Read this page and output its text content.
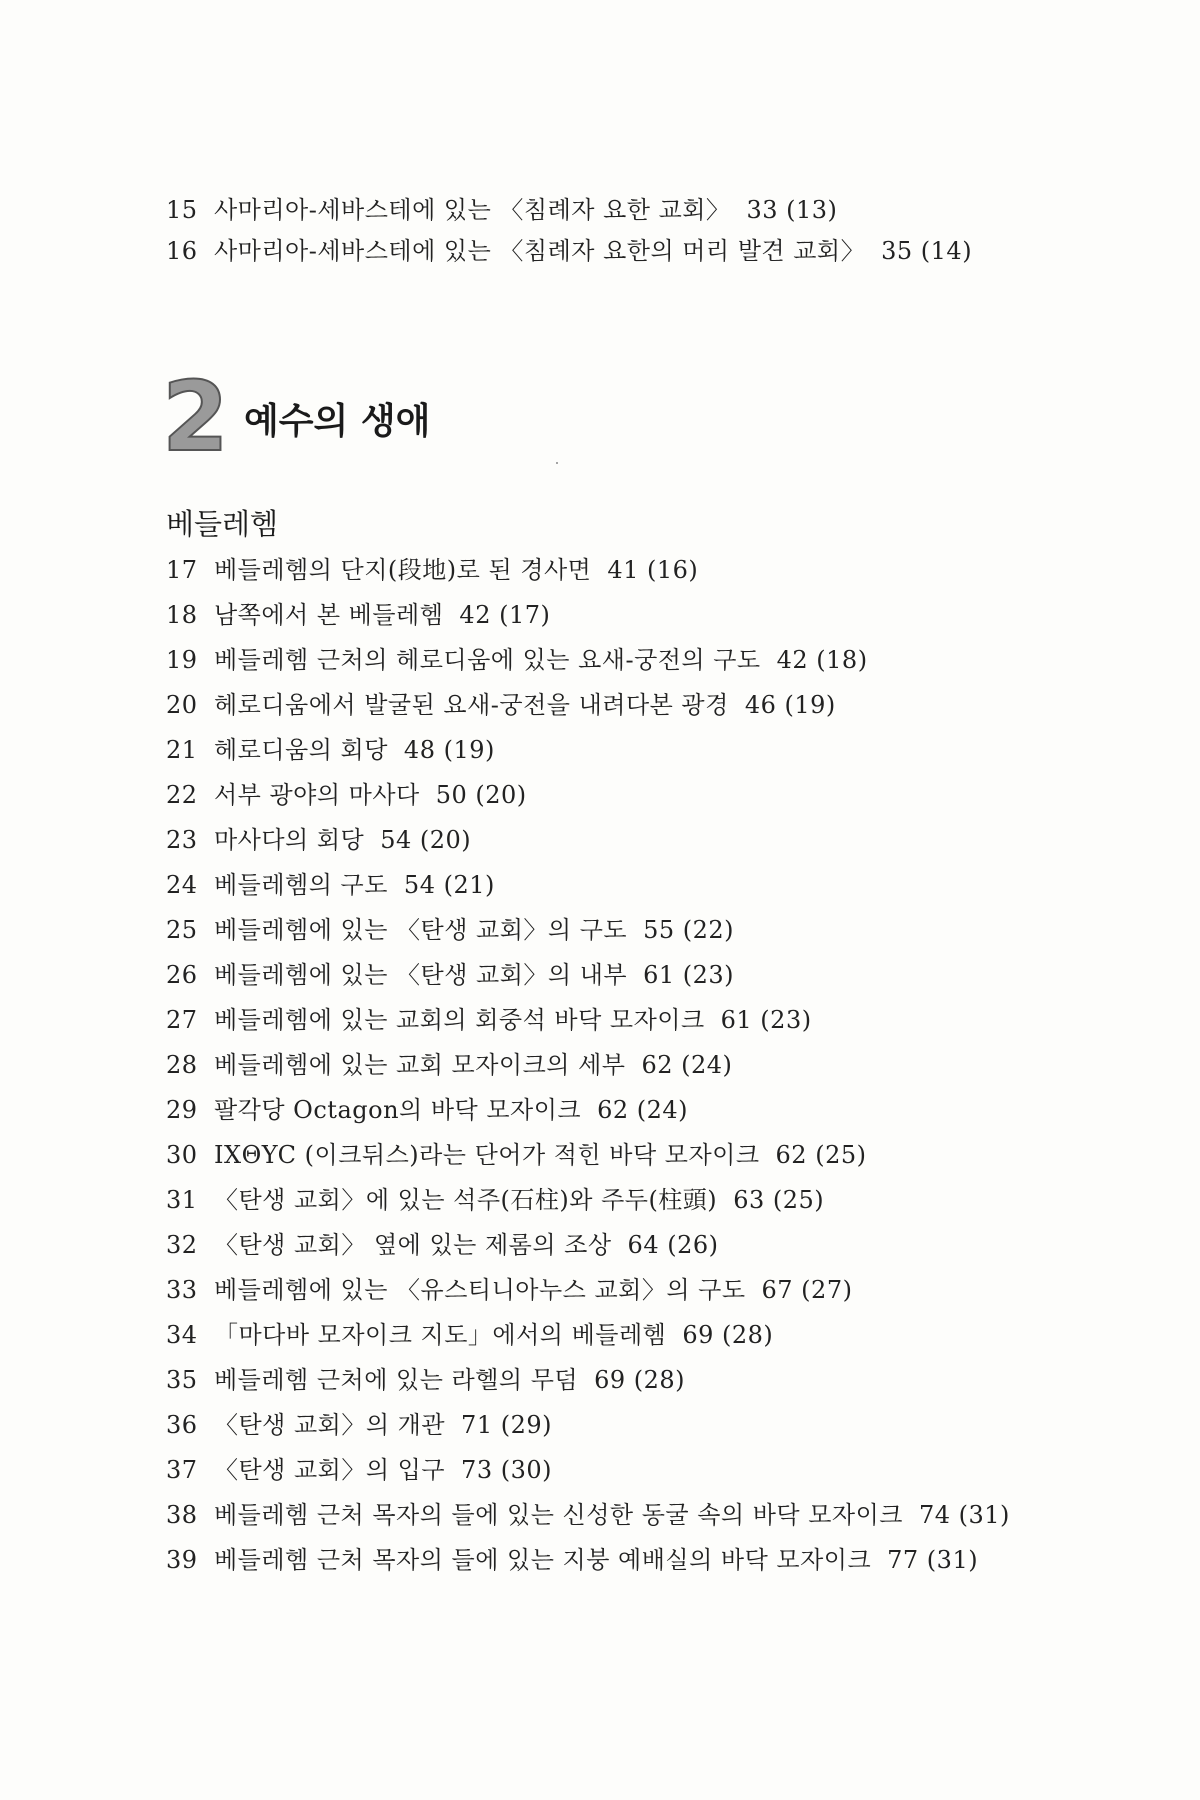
15 사마리아-세바스테에 있는 〈침례자 요한 교회〉 33 (13)
16 사마리아-세바스테에 있는 〈침례자 요한의 머리 발견 교회〉 35 (14)
2 예수의 생애
베들레헴
17 베들레헴의 단지(段地)로 된 경사면 41 (16)
18 남쪽에서 본 베들레헴 42 (17)
19 베들레헴 근처의 헤로디움에 있는 요새-궁전의 구도 42 (18)
20 헤로디움에서 발굴된 요새-궁전을 내려다본 광경 46 (19)
21 헤로디움의 회당 48 (19)
22 서부 광야의 마사다 50 (20)
23 마사다의 회당 54 (20)
24 베들레헴의 구도 54 (21)
25 베들레헴에 있는 〈탄생 교회〉의 구도 55 (22)
26 베들레헴에 있는 〈탄생 교회〉의 내부 61 (23)
27 베들레헴에 있는 교회의 회중석 바닥 모자이크 61 (23)
28 베들레헴에 있는 교회 모자이크의 세부 62 (24)
29 팔각당 Octagon의 바닥 모자이크 62 (24)
30 IXΘYC (이크뒤스)라는 단어가 적힌 바닥 모자이크 62 (25)
31 〈탄생 교회〉에 있는 석주(石柱)와 주두(柱頭) 63 (25)
32 〈탄생 교회〉 옆에 있는 제롬의 조상 64 (26)
33 베들레헴에 있는 〈유스티니아누스 교회〉의 구도 67 (27)
34 「마다바 모자이크 지도」에서의 베들레헴 69 (28)
35 베들레헴 근처에 있는 라헬의 무덤 69 (28)
36 〈탄생 교회〉의 개관 71 (29)
37 〈탄생 교회〉의 입구 73 (30)
38 베들레헴 근처 목자의 들에 있는 신성한 동굴 속의 바닥 모자이크 74 (31)
39 베들레헴 근처 목자의 들에 있는 지붕 예배실의 바닥 모자이크 77 (31)
